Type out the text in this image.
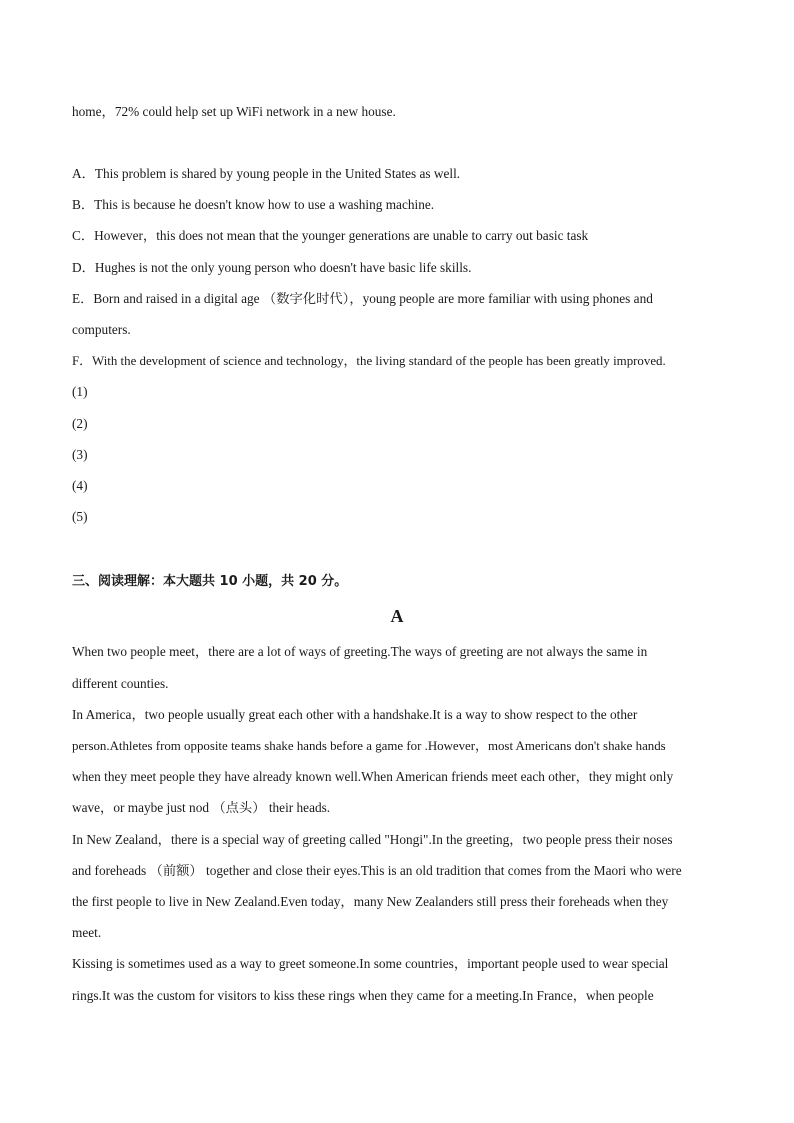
home，72% could help set up WiFi network in a new house.
A．This problem is shared by young people in the United States as well.
B．This is because he doesn't know how to use a washing machine.
C．However，this does not mean that the younger generations are unable to carry out basic task
D．Hughes is not the only young person who doesn't have basic life skills.
E．Born and raised in a digital age （数字化时代），young people are more familiar with using phones and
computers.
F．With the development of science and technology，the living standard of the people has been greatly improved.
(1)
(2)
(3)
(4)
(5)
三、阅读理解：本大题共 10 小题，共 20 分。
A
When two people meet，there are a lot of ways of greeting.The ways of greeting are not always the same in
different counties.
In America，two people usually great each other with a handshake.It is a way to show respect to the other
person.Athletes from opposite teams shake hands before a game for .However，most Americans don't shake hands
when they meet people they have already known well.When American friends meet each other，they might only
wave，or maybe just nod （点头） their heads.
In New Zealand，there is a special way of greeting called "Hongi".In the greeting，two people press their noses
and foreheads （前额） together and close their eyes.This is an old tradition that comes from the Maori who were
the first people to live in New Zealand.Even today，many New Zealanders still press their foreheads when they
meet.
Kissing is sometimes used as a way to greet someone.In some countries，important people used to wear special
rings.It was the custom for visitors to kiss these rings when they came for a meeting.In France，when people
